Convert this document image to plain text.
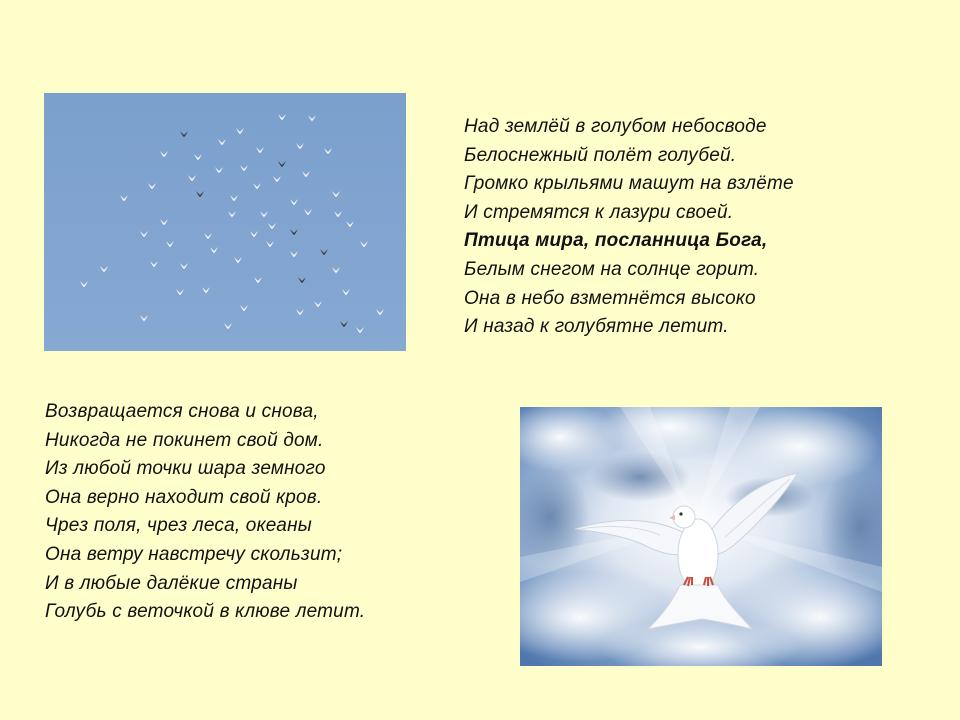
Над землёй в голубом небосводе
Белоснежный полёт голубей.
Громко крыльями машут на взлёте
И стремятся к лазури своей.
Птица мира, посланница Бога,
Белым снегом на солнце горит.
Она в небо взметнётся высоко
И назад к голубятне летит.
Возвращается снова и снова,
Никогда не покинет свой дом.
Из любой точки шара земного
Она верно находит свой кров.
Чрез поля, чрез леса, океаны
Она ветру навстречу скользит;
И в любые далёкие страны
Голубь с веточкой в клюве летит.
